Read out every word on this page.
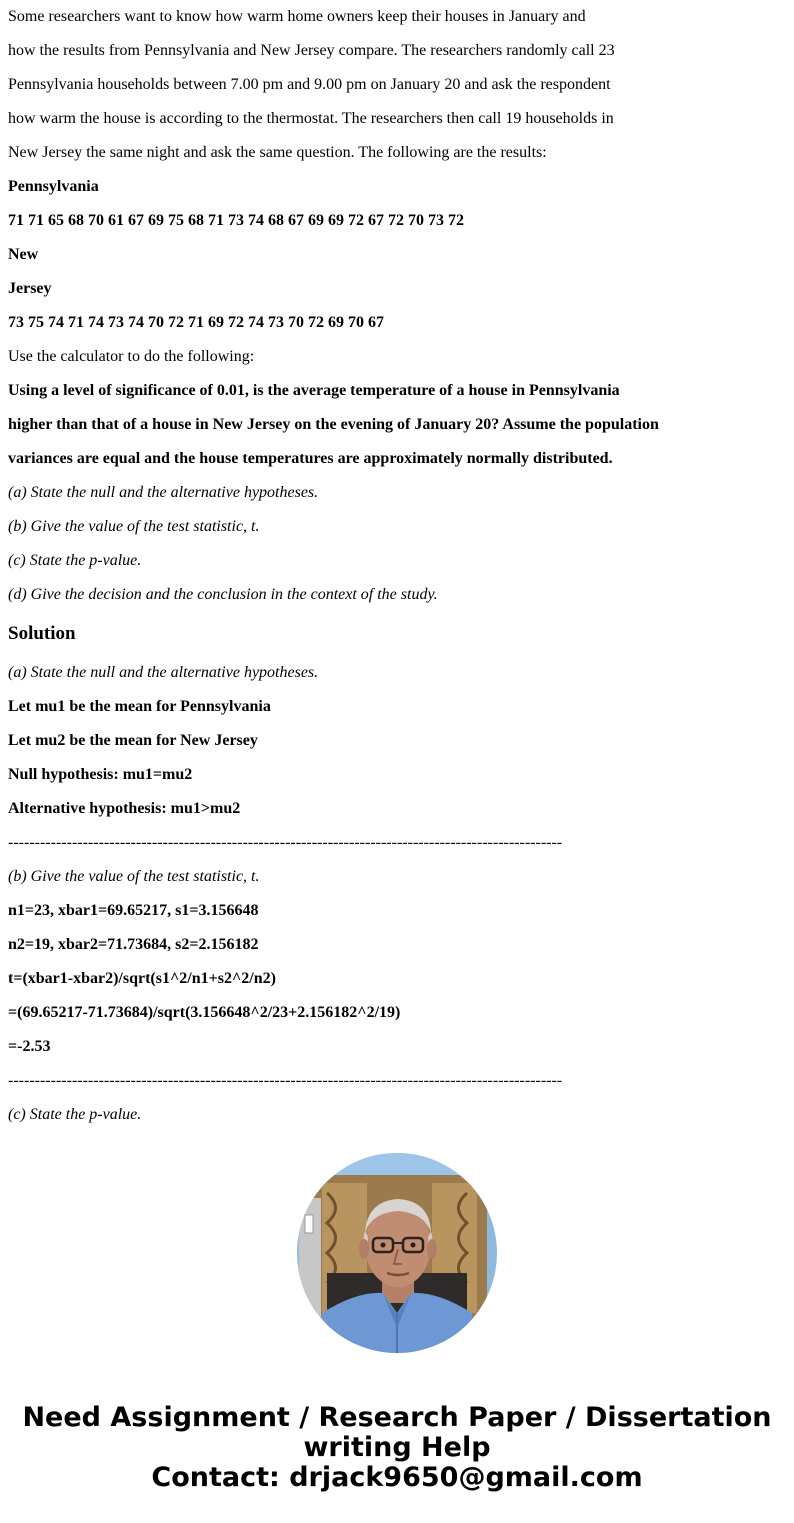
Some researchers want to know how warm home owners keep their houses in January and
how the results from Pennsylvania and New Jersey compare. The researchers randomly call 23
Pennsylvania households between 7.00 pm and 9.00 pm on January 20 and ask the respondent
how warm the house is according to the thermostat. The researchers then call 19 households in
New Jersey the same night and ask the same question. The following are the results:
Pennsylvania
71 71 65 68 70 61 67 69 75 68 71 73 74 68 67 69 69 72 67 72 70 73 72
New
Jersey
73 75 74 71 74 73 74 70 72 71 69 72 74 73 70 72 69 70 67
Use the calculator to do the following:
Using a level of significance of 0.01, is the average temperature of a house in Pennsylvania
higher than that of a house in New Jersey on the evening of January 20? Assume the population
variances are equal and the house temperatures are approximately normally distributed.
(a) State the null and the alternative hypotheses.
(b) Give the value of the test statistic, t.
(c) State the p-value.
(d) Give the decision and the conclusion in the context of the study.
Solution
(a) State the null and the alternative hypotheses.
Let mu1 be the mean for Pennsylvania
Let mu2 be the mean for New Jersey
Null hypothesis: mu1=mu2
Alternative hypothesis: mu1>mu2
--------------------------------------------------------------------------------------------------------
(b) Give the value of the test statistic, t.
n1=23, xbar1=69.65217, s1=3.156648
n2=19, xbar2=71.73684, s2=2.156182
t=(xbar1-xbar2)/sqrt(s1^2/n1+s2^2/n2)
=(69.65217-71.73684)/sqrt(3.156648^2/23+2.156182^2/19)
=-2.53
--------------------------------------------------------------------------------------------------------
(c) State the p-value.
Need Assignment / Research Paper / Dissertation
writing Help
Contact: drjack9650@gmail.com
